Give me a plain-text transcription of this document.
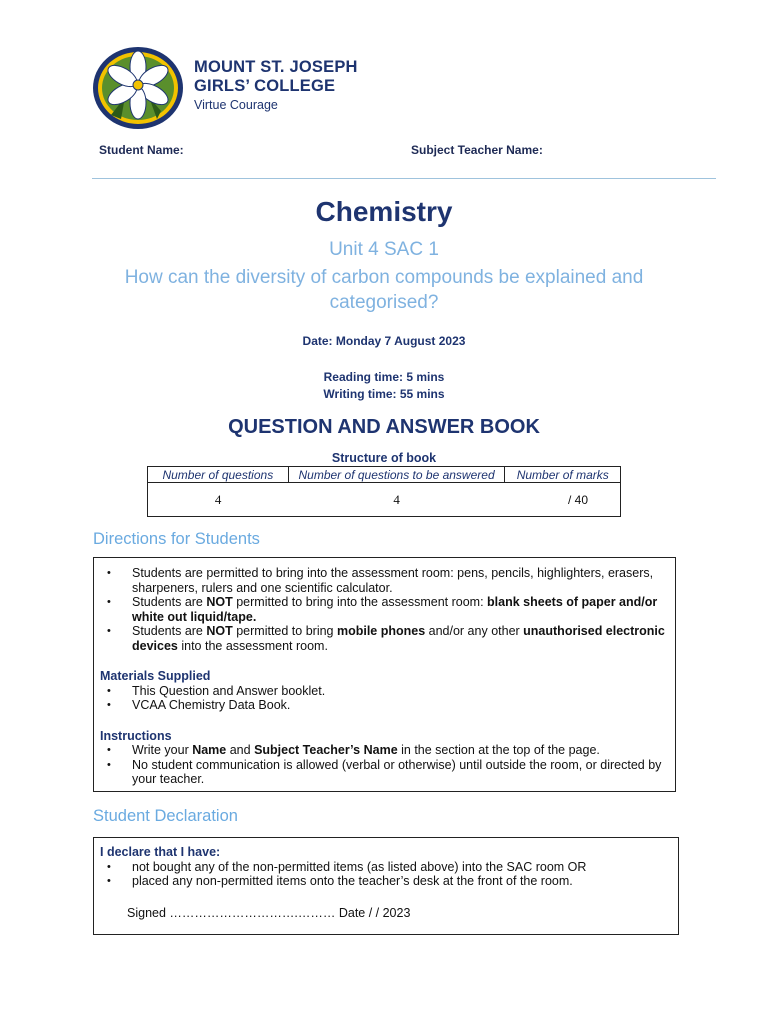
MOUNT ST. JOSEPH
GIRLS’ COLLEGE
Virtue Courage
Student Name:	Subject Teacher Name:
Chemistry
Unit 4 SAC 1
How can the diversity of carbon compounds be explained and categorised?
Date: Monday 7 August 2023
Reading time: 5 mins
Writing time: 55 mins
QUESTION AND ANSWER BOOK
Structure of book
Number of questions	Number of questions to be answered	Number of marks
4	4	/ 40
Directions for Students
• Students are permitted to bring into the assessment room: pens, pencils, highlighters, erasers, sharpeners, rulers and one scientific calculator.
• Students are NOT permitted to bring into the assessment room: blank sheets of paper and/or white out liquid/tape.
• Students are NOT permitted to bring mobile phones and/or any other unauthorised electronic devices into the assessment room.
Materials Supplied
• This Question and Answer booklet.
• VCAA Chemistry Data Book.
Instructions
• Write your Name and Subject Teacher’s Name in the section at the top of the page.
• No student communication is allowed (verbal or otherwise) until outside the room, or directed by your teacher.
Student Declaration
I declare that I have:
• not bought any of the non-permitted items (as listed above) into the SAC room OR
• placed any non-permitted items onto the teacher’s desk at the front of the room.
Signed ………………………….……… Date / / 2023
